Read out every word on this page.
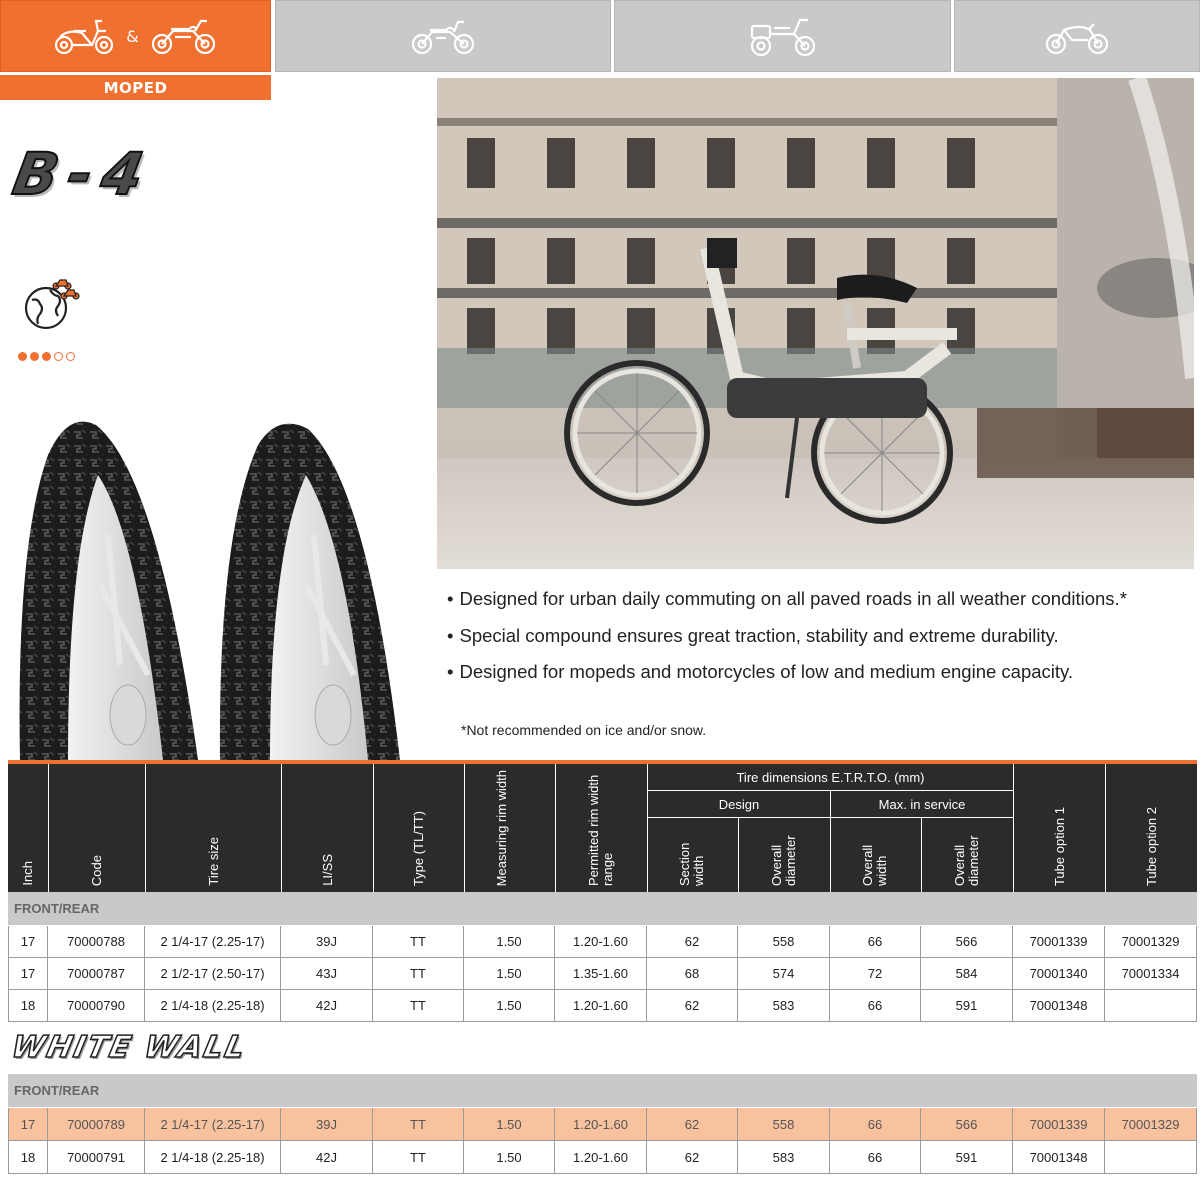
&
MOPED
B-4
• Designed for urban daily commuting on all paved roads in all weather conditions.*
• Special compound ensures great traction, stability and extreme durability.
• Designed for mopeds and motorcycles of low and medium engine capacity.
*Not recommended on ice and/or snow.
Inch	Code	Tire size	LI/SS	Type (TL/TT)	Measuring rim width	Permitted rim width range
Tire dimensions E.T.R.T.O. (mm)
Design	Max. in service
Section width	Overall diameter	Overall width	Overall diameter	Tube option 1	Tube option 2
FRONT/REAR
17	70000788	2 1/4-17 (2.25-17)	39J	TT	1.50	1.20-1.60	62	558	66	566	70001339	70001329
17	70000787	2 1/2-17 (2.50-17)	43J	TT	1.50	1.35-1.60	68	574	72	584	70001340	70001334
18	70000790	2 1/4-18 (2.25-18)	42J	TT	1.50	1.20-1.60	62	583	66	591	70001348
WHITE WALL
FRONT/REAR
17	70000789	2 1/4-17 (2.25-17)	39J	TT	1.50	1.20-1.60	62	558	66	566	70001339	70001329
18	70000791	2 1/4-18 (2.25-18)	42J	TT	1.50	1.20-1.60	62	583	66	591	70001348
